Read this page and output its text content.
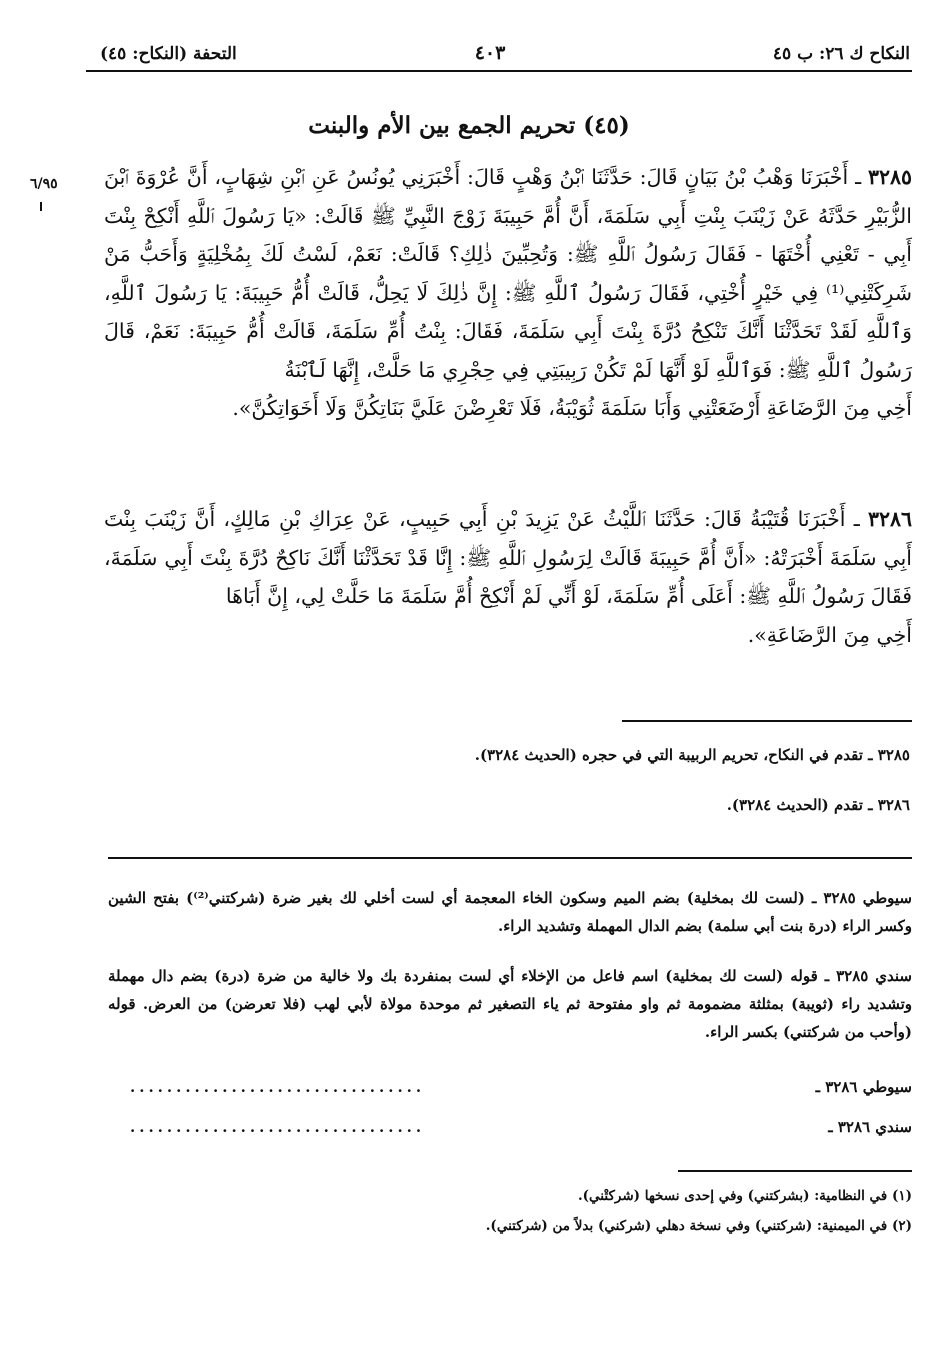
النكاح ك ٢٦: ب ٤٥
٤٠٣
التحفة (النكاح: ٤٥)
(٤٥) تحريم الجمع بين الأم والبنت
٦/٩٥	٣٢٨٥ ـ أَخْبَرَنَا وَهْبُ بْنُ بَيَانٍ قَالَ: حَدَّثَنَا ٱبْنُ وَهْبٍ قَالَ: أَخْبَرَنِي يُونُسُ عَنِ ٱبْنِ شِهَابٍ، أَنَّ عُرْوَةَ ٱبْنَ الزُّبَيْرِ حَدَّثَهُ عَنْ زَيْنَبَ بِنْتِ أَبِي سَلَمَةَ، أَنَّ أُمَّ حَبِيبَةَ زَوْجَ النَّبِيِّ ﷺ قَالَتْ: «يَا رَسُولَ ٱللَّهِ أَنْكِحْ بِنْتَ أَبِي - تَعْنِي أُخْتَهَا - فَقَالَ رَسُولُ ٱللَّهِ ﷺ: وَتُحِبِّينَ ذٰلِكِ؟ قَالَتْ: نَعَمْ، لَسْتُ لَكَ بِمُخْلِيَةٍ وَأَحَبُّ مَنْ شَرِكَتْنِي⁽¹⁾ فِي خَيْرٍ أُخْتِي، فَقَالَ رَسُولُ ٱللَّهِ ﷺ: إِنَّ ذٰلِكَ لَا يَحِلُّ، قَالَتْ أُمُّ حَبِيبَةَ: يَا رَسُولَ ٱللَّهِ، وَٱللَّهِ لَقَدْ تَحَدَّثْنَا أَنَّكَ تَنْكِحُ دُرَّةَ بِنْتَ أَبِي سَلَمَةَ، فَقَالَ: بِنْتُ أُمِّ سَلَمَةَ، قَالَتْ أُمُّ حَبِيبَةَ: نَعَمْ، قَالَ رَسُولُ ٱللَّهِ ﷺ: فَوَٱللَّهِ لَوْ أَنَّهَا لَمْ تَكُنْ رَبِيبَتِي فِي حِجْرِي مَا حَلَّتْ، إِنَّهَا لَٱبْنَةُ
أَخِي مِنَ الرَّضَاعَةِ أَرْضَعَتْنِي وَأَبَا سَلَمَةَ ثُوَيْبَةُ، فَلَا تَعْرِضْنَ عَلَيَّ بَنَاتِكُنَّ وَلَا أَخَوَاتِكُنَّ».
٣٢٨٦ ـ أَخْبَرَنَا قُتَيْبَةُ قَالَ: حَدَّثَنَا ٱللَّيْثُ عَنْ يَزِيدَ بْنِ أَبِي حَبِيبٍ، عَنْ عِرَاكِ بْنِ مَالِكٍ، أَنَّ زَيْنَبَ بِنْتَ أَبِي سَلَمَةَ أَخْبَرَتْهُ: «أَنَّ أُمَّ حَبِيبَةَ قَالَتْ لِرَسُولِ ٱللَّهِ ﷺ: إِنَّا قَدْ تَحَدَّثْنَا أَنَّكَ نَاكِحٌ دُرَّةَ بِنْتَ أَبِي سَلَمَةَ، فَقَالَ رَسُولُ ٱللَّهِ ﷺ: أَعَلَى أُمِّ سَلَمَةَ، لَوْ أَنِّي لَمْ أَنْكِحْ أُمَّ سَلَمَةَ مَا حَلَّتْ لِي، إِنَّ أَبَاهَا
أَخِي مِنَ الرَّضَاعَةِ».
٣٢٨٥ ـ تقدم في النكاح، تحريم الربيبة التي في حجره (الحديث ٣٢٨٤).
٣٢٨٦ ـ تقدم (الحديث ٣٢٨٤).
سيوطي ٣٢٨٥ ـ (لست لك بمخلية) بضم الميم وسكون الخاء المعجمة أي لست أخلي لك بغير ضرة (شركتني⁽²⁾) بفتح الشين وكسر الراء (درة بنت أبي سلمة) بضم الدال المهملة وتشديد الراء.
سندي ٣٢٨٥ ـ قوله (لست لك بمخلية) اسم فاعل من الإخلاء أي لست بمنفردة بك ولا خالية من ضرة (درة) بضم دال مهملة وتشديد راء (ثويبة) بمثلثة مضمومة ثم واو مفتوحة ثم ياء التصغير ثم موحدة مولاة لأبي لهب (فلا تعرضن) من العرض. قوله (وأحب من شركتني) بكسر الراء.
سيوطي ٣٢٨٦ ـ
................................
سندي ٣٢٨٦ ـ
................................
(١) في النظامية: (بشركتني) وفي إحدى نسخها (شركتْني).
(٢) في الميمنية: (شركتني) وفي نسخة دهلي (شركني) بدلاً من (شركتني).
